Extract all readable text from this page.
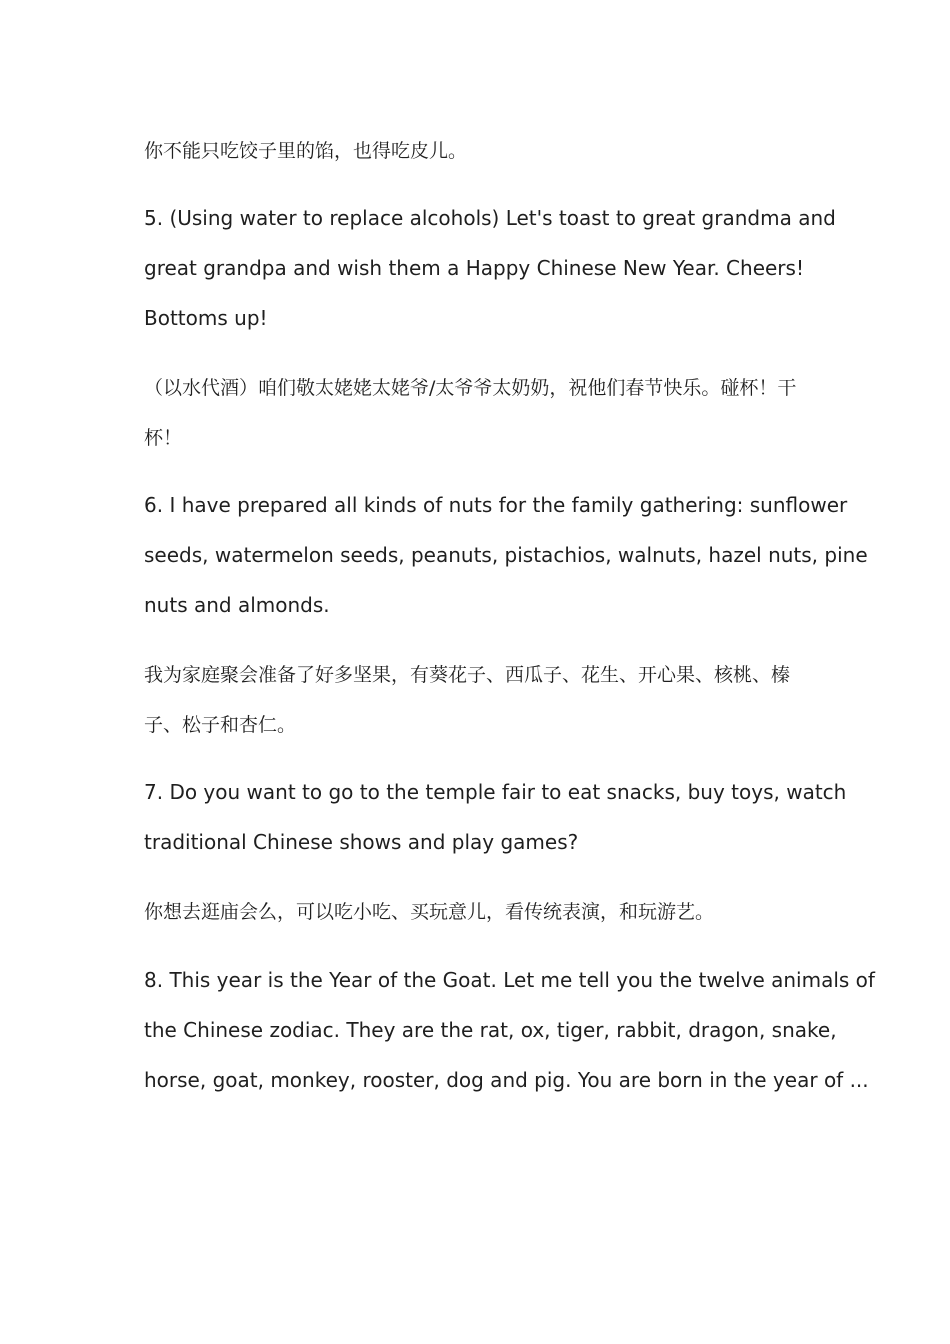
你不能只吃饺子里的馅，也得吃皮儿。
5. (Using water to replace alcohols) Let's toast to great grandma and
great grandpa and wish them a Happy Chinese New Year. Cheers!
Bottoms up!
（以水代酒）咱们敬太姥姥太姥爷/太爷爷太奶奶，祝他们春节快乐。碰杯！干
杯！
6. I have prepared all kinds of nuts for the family gathering: sunflower
seeds, watermelon seeds, peanuts, pistachios, walnuts, hazel nuts, pine
nuts and almonds.
我为家庭聚会准备了好多坚果，有葵花子、西瓜子、花生、开心果、核桃、榛
子、松子和杏仁。
7. Do you want to go to the temple fair to eat snacks, buy toys, watch
traditional Chinese shows and play games?
你想去逛庙会么，可以吃小吃、买玩意儿，看传统表演，和玩游艺。
8. This year is the Year of the Goat. Let me tell you the twelve animals of
the Chinese zodiac. They are the rat, ox, tiger, rabbit, dragon, snake,
horse, goat, monkey, rooster, dog and pig. You are born in the year of ...
